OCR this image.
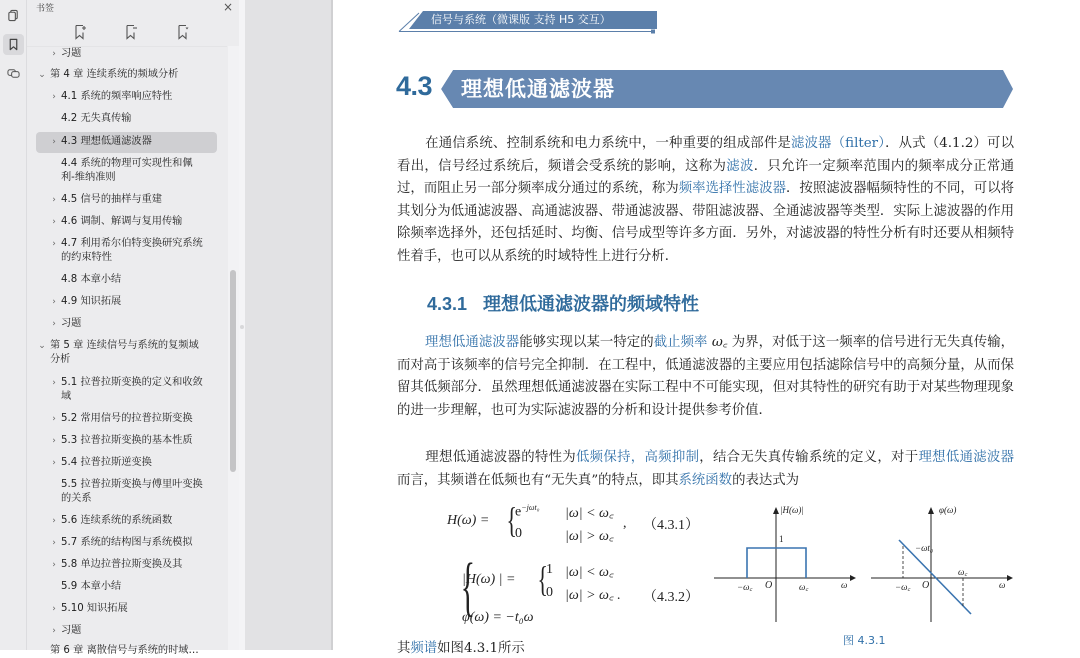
书签	×
› 习题
⌄ 第 4 章 连续系统的频域分析
› 4.1 系统的频率响应特性
4.2 无失真传输
› 4.3 理想低通滤波器
4.4 系统的物理可实现性和佩利-维纳准则
› 4.5 信号的抽样与重建
› 4.6 调制、解调与复用传输
› 4.7 利用希尔伯特变换研究系统的约束特性
4.8 本章小结
› 4.9 知识拓展
› 习题
⌄ 第 5 章 连续信号与系统的复频域分析
› 5.1 拉普拉斯变换的定义和收敛域
› 5.2 常用信号的拉普拉斯变换
› 5.3 拉普拉斯变换的基本性质
› 5.4 拉普拉斯逆变换
5.5 拉普拉斯变换与傅里叶变换的关系
› 5.6 连续系统的系统函数
› 5.7 系统的结构图与系统模拟
› 5.8 单边拉普拉斯变换及其
5.9 本章小结
› 5.10 知识拓展
› 习题
第 6 章 离散信号与系统的时域…
信号与系统（微课版 支持 H5 交互）
4.3 理想低通滤波器
在通信系统、控制系统和电力系统中，一种重要的组成部件是滤波器（filter）．从式（4.1.2）可以看出，信号经过系统后，频谱会受系统的影响，这称为滤波．只允许一定频率范围内的频率成分正常通过，而阻止另一部分频率成分通过的系统，称为频率选择性滤波器．按照滤波器幅频特性的不同，可以将其划分为低通滤波器、高通滤波器、带通滤波器、带阻滤波器、全通滤波器等类型．实际上滤波器的作用除频率选择外，还包括延时、均衡、信号成型等许多方面．另外，对滤波器的特性分析有时还要从相频特性着手，也可以从系统的时域特性上进行分析．
4.3.1 理想低通滤波器的频域特性
理想低通滤波器能够实现以某一特定的截止频率 ω꜀ 为界，对低于这一频率的信号进行无失真传输，而对高于该频率的信号完全抑制．在工程中，低通滤波器的主要应用包括滤除信号中的高频分量，从而保留其低频部分．虽然理想低通滤波器在实际工程中不可能实现，但对其特性的研究有助于对某些物理现象的进一步理解，也可为实际滤波器的分析和设计提供参考价值．
理想低通滤波器的特性为低频保持，高频抑制，结合无失真传输系统的定义，对于理想低通滤波器而言，其频谱在低频也有“无失真”的特点，即其系统函数的表达式为
H(ω) = {
$e^{-j\omega t_0}$ |ω| < ω꜀
0	|ω| > ω꜀
, （4.3.1）
{
|H(ω) | = {
1 |ω| < ω꜀
0 |ω| > ω꜀ .
φ(ω) = −t₀ω
（4.3.2）
其频谱如图4.3.1所示
|H(ω)|
1
−ω꜀ O	ω꜀	ω
φ(ω)
−ωt₀
−ω꜀ O
ω꜀
ω
图 4.3.1
